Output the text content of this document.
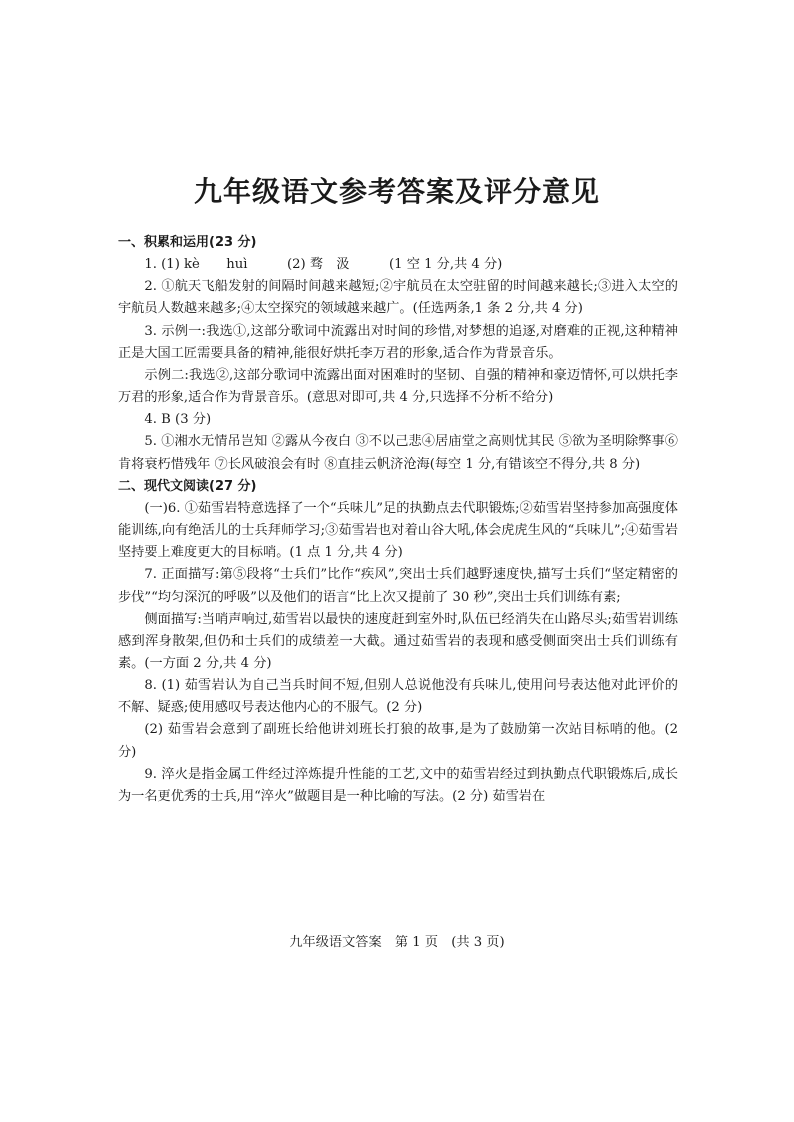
九年级语文参考答案及评分意见

一、积累和运用(23 分)

1. (1) kè　　huì　　　(2) 骛　汲　　　(1 空 1 分,共 4 分)

2. ①航天飞船发射的间隔时间越来越短;②宇航员在太空驻留的时间越来越长;③进入太空的宇航员人数越来越多;④太空探究的领域越来越广。(任选两条,1 条 2 分,共 4 分)

3. 示例一:我选①,这部分歌词中流露出对时间的珍惜,对梦想的追逐,对磨难的正视,这种精神正是大国工匠需要具备的精神,能很好烘托李万君的形象,适合作为背景音乐。

示例二:我选②,这部分歌词中流露出面对困难时的坚韧、自强的精神和豪迈情怀,可以烘托李万君的形象,适合作为背景音乐。(意思对即可,共 4 分,只选择不分析不给分)

4. B (3 分)

5. ①湘水无情吊岂知 ②露从今夜白 ③不以己悲④居庙堂之高则忧其民 ⑤欲为圣明除弊事⑥肯将衰朽惜残年 ⑦长风破浪会有时 ⑧直挂云帆济沧海(每空 1 分,有错该空不得分,共 8 分)

二、现代文阅读(27 分)

(一)6. ①茹雪岩特意选择了一个“兵味儿”足的执勤点去代职锻炼;②茹雪岩坚持参加高强度体能训练,向有绝活儿的士兵拜师学习;③茹雪岩也对着山谷大吼,体会虎虎生风的“兵味儿”;④茹雪岩坚持要上难度更大的目标哨。(1 点 1 分,共 4 分)

7. 正面描写:第⑤段将“士兵们”比作“疾风”,突出士兵们越野速度快,描写士兵们“坚定精密的步伐”“均匀深沉的呼吸”以及他们的语言“比上次又提前了 30 秒”,突出士兵们训练有素;

侧面描写:当哨声响过,茹雪岩以最快的速度赶到室外时,队伍已经消失在山路尽头;茹雪岩训练感到浑身散架,但仍和士兵们的成绩差一大截。通过茹雪岩的表现和感受侧面突出士兵们训练有素。(一方面 2 分,共 4 分)

8. (1) 茹雪岩认为自己当兵时间不短,但别人总说他没有兵味儿,使用问号表达他对此评价的不解、疑惑;使用感叹号表达他内心的不服气。(2 分)

(2) 茹雪岩会意到了副班长给他讲刘班长打狼的故事,是为了鼓励第一次站目标哨的他。(2 分)

9. 淬火是指金属工件经过淬炼提升性能的工艺,文中的茹雪岩经过到执勤点代职锻炼后,成长为一名更优秀的士兵,用“淬火”做题目是一种比喻的写法。(2 分) 茹雪岩在

九年级语文答案　第 1 页　(共 3 页)
